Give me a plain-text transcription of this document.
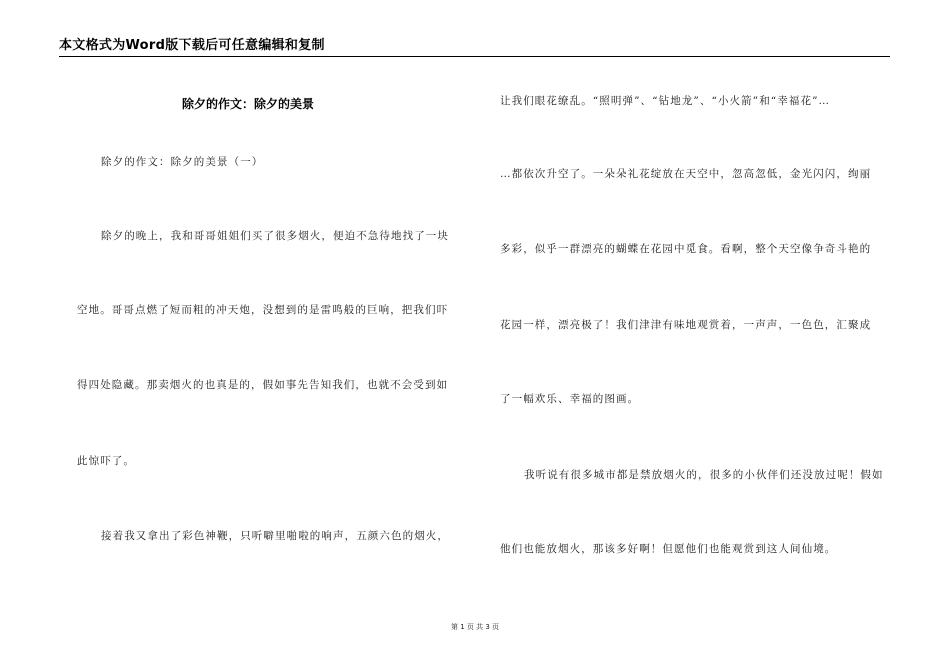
本文格式为Word版下载后可任意编辑和复制
除夕的作文：除夕的美景
除夕的作文：除夕的美景（一）
除夕的晚上，我和哥哥姐姐们买了很多烟火，便迫不急待地找了一块
空地。哥哥点燃了短而粗的冲天炮，没想到的是雷鸣般的巨响，把我们吓
得四处隐藏。那卖烟火的也真是的，假如事先告知我们，也就不会受到如
此惊吓了。
接着我又拿出了彩色神鞭，只听噼里啪啦的响声，五颜六色的烟火，
让我们眼花缭乱。“照明弹”、“钻地龙”、“小火箭”和“幸福花”…
…都依次升空了。一朵朵礼花绽放在天空中，忽高忽低，金光闪闪，绚丽
多彩，似乎一群漂亮的蝴蝶在花园中觅食。看啊，整个天空像争奇斗艳的
花园一样，漂亮极了！我们津津有味地观赏着，一声声，一色色，汇聚成
了一幅欢乐、幸福的图画。
我听说有很多城市都是禁放烟火的，很多的小伙伴们还没放过呢！假如
他们也能放烟火，那该多好啊！但愿他们也能观赏到这人间仙境。
第 1 页 共 3 页
